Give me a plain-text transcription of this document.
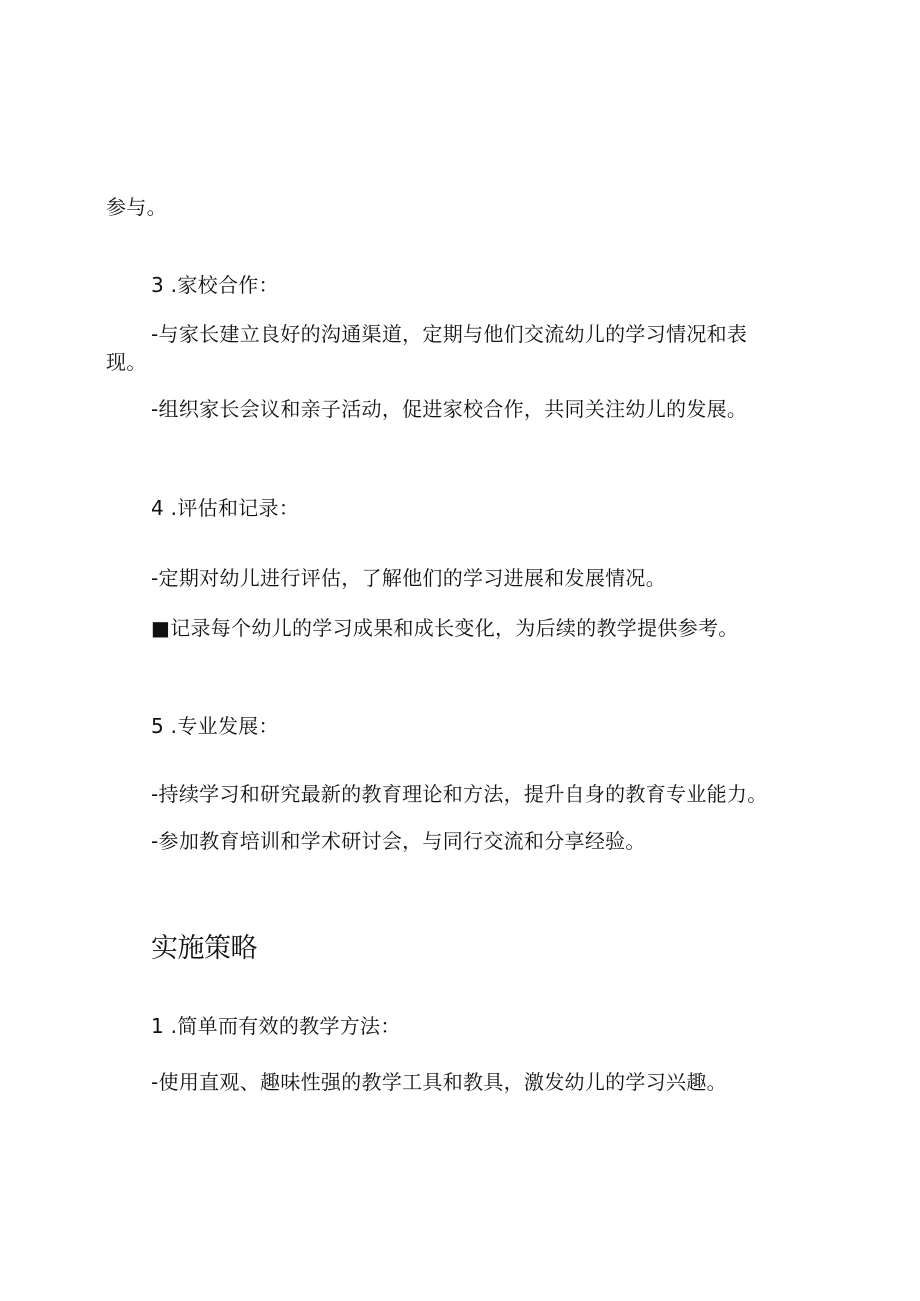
参与。
3 .家校合作：
-与家长建立良好的沟通渠道，定期与他们交流幼儿的学习情况和表
现。
-组织家长会议和亲子活动，促进家校合作，共同关注幼儿的发展。
4 .评估和记录：
-定期对幼儿进行评估，了解他们的学习进展和发展情况。
■记录每个幼儿的学习成果和成长变化，为后续的教学提供参考。
5 .专业发展：
-持续学习和研究最新的教育理论和方法，提升自身的教育专业能力。
-参加教育培训和学术研讨会，与同行交流和分享经验。
实施策略
1 .简单而有效的教学方法：
-使用直观、趣味性强的教学工具和教具，激发幼儿的学习兴趣。
